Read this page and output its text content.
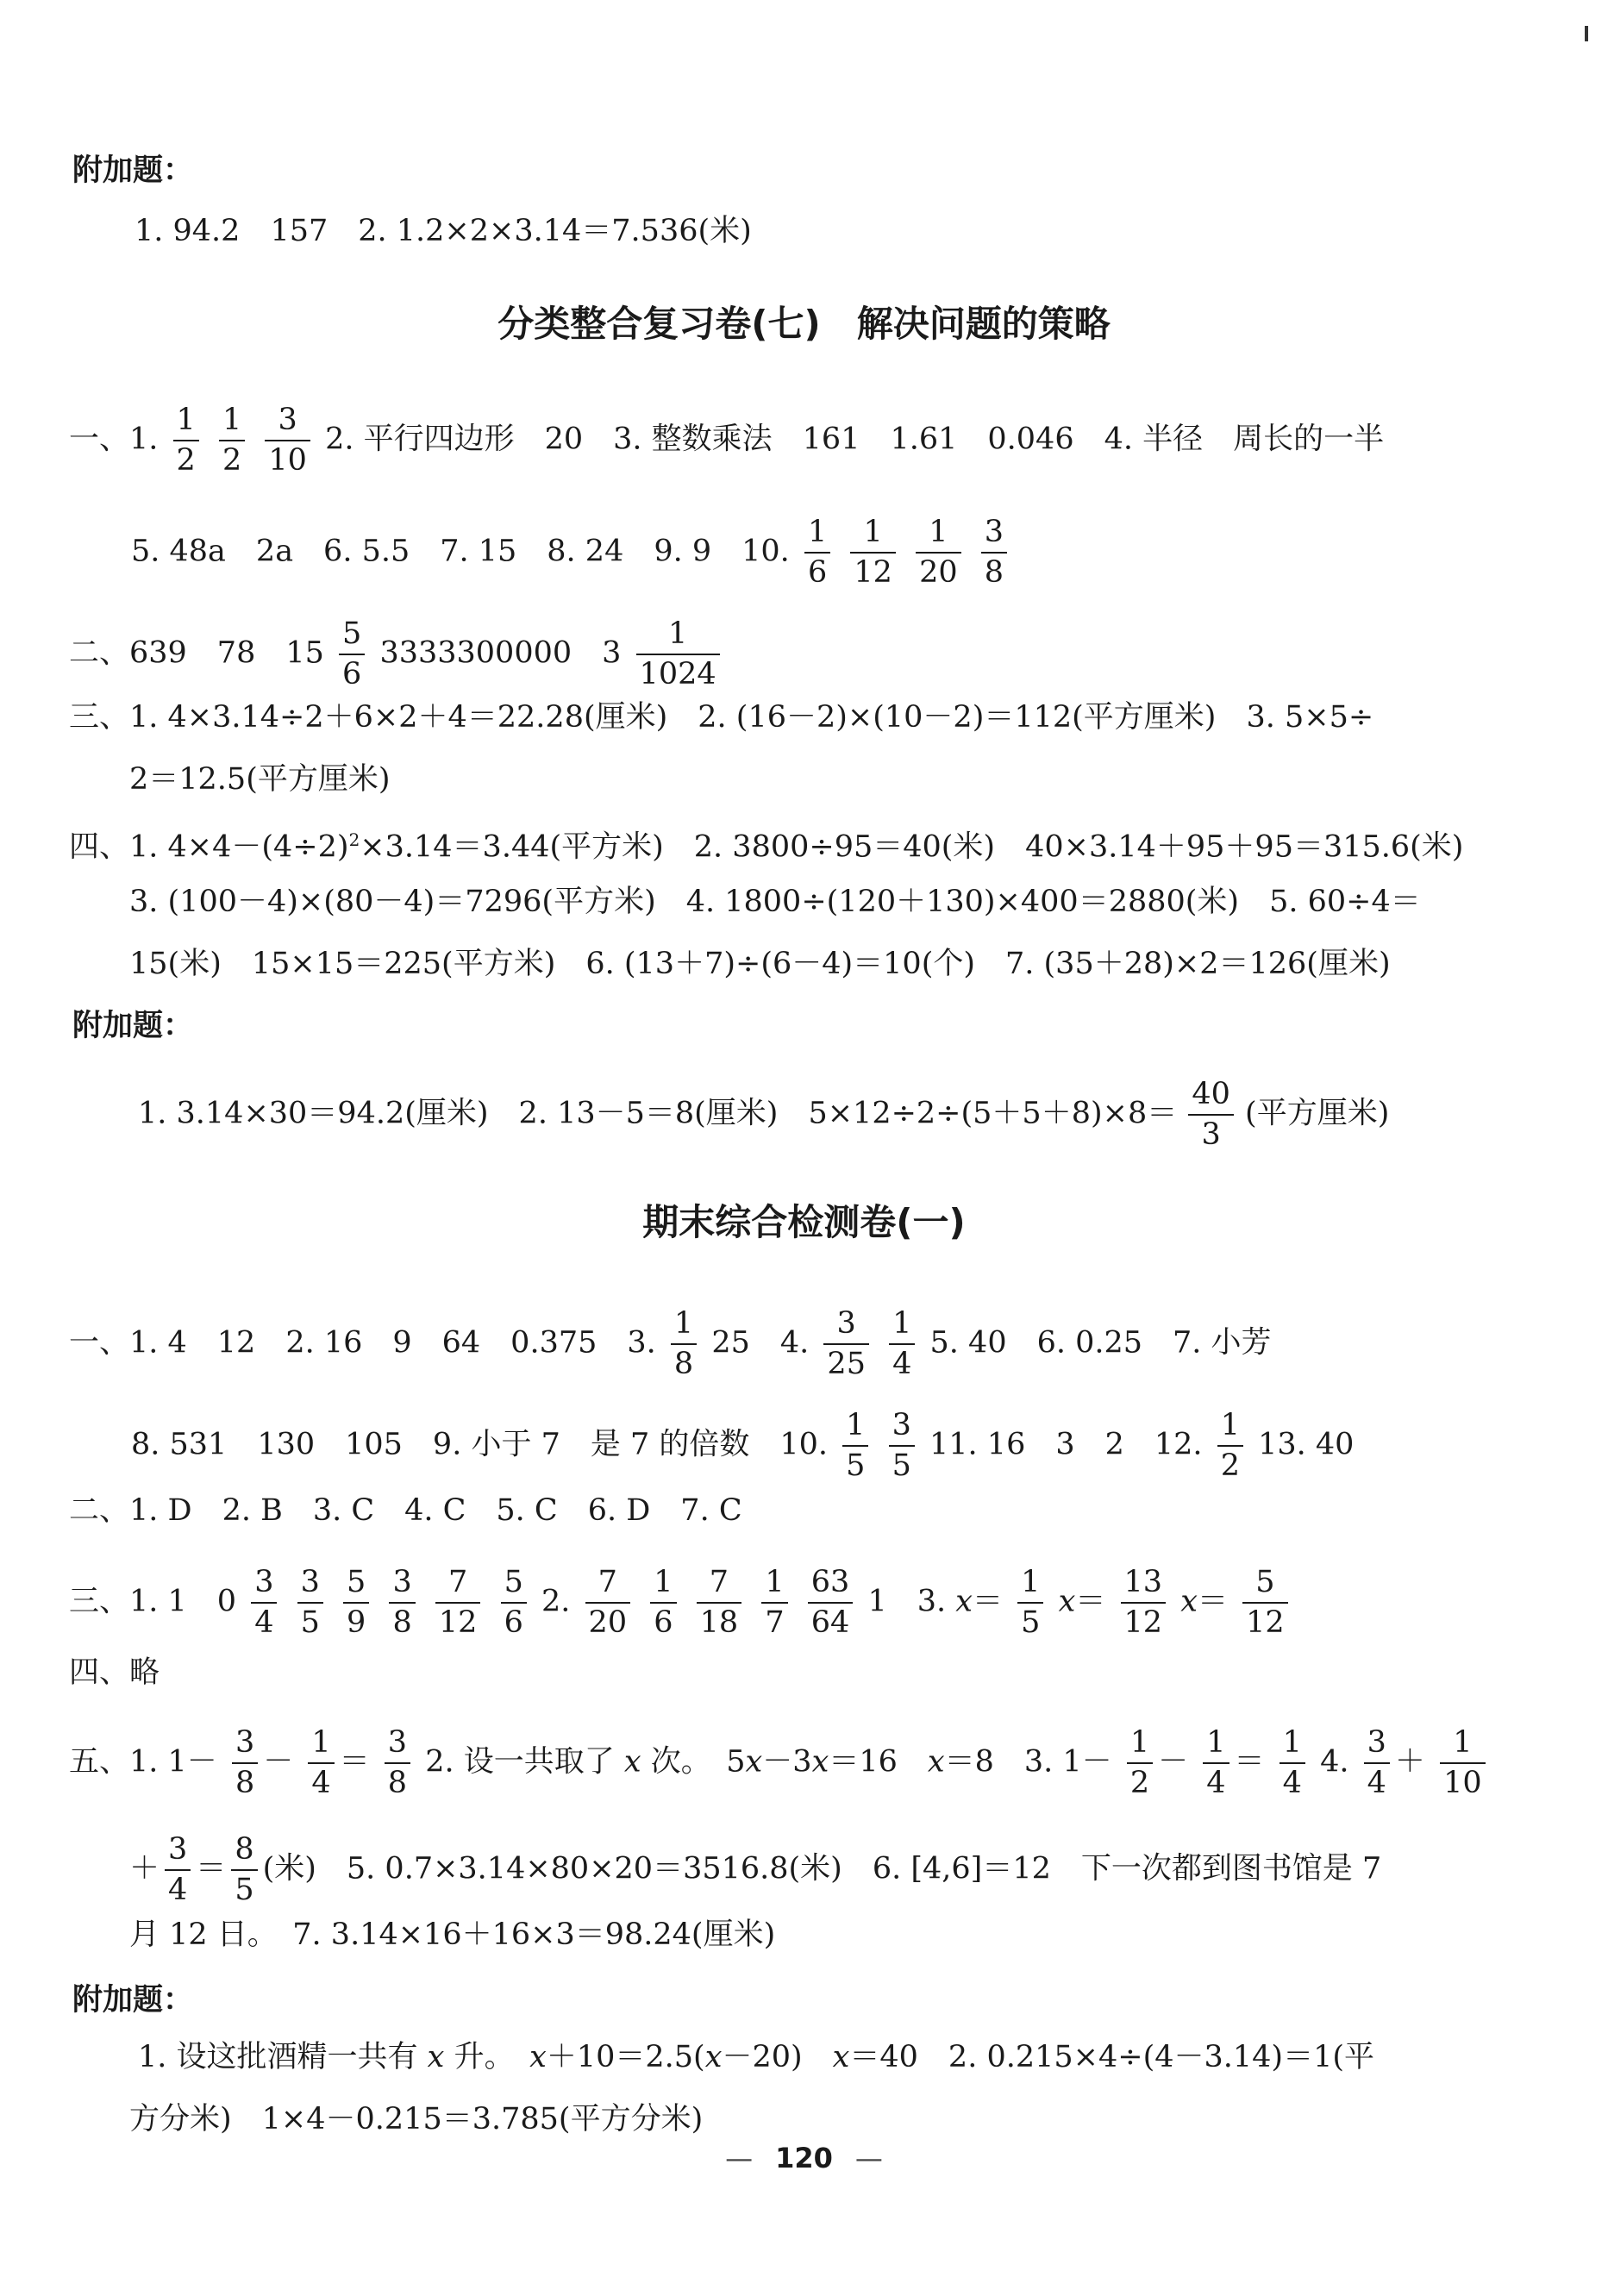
附加题：
1. 94.2　157　2. 1.2×2×3.14＝7.536(米)
分类整合复习卷(七)　解决问题的策略
一、1. $\frac{1}{2}$
$\frac{1}{2}$
$\frac{3}{10} 2$. 平行四边形　20　3. 整数乘法　161　1.61　0.046　4. 半径　周长的一半
5. 48a　2a　6. 5.5　7. 15　8. 24　9. 9　10. $\frac{1}{6}$
$\frac{1}{12}$
$\frac{1}{20}$
$\frac{3}{8}$
二、639　78　$15 \frac{5}{6} 3333300000$　$3 \frac{1}{1024}$
三、1. 4×3.14÷2＋6×2＋4＝22.28(厘米)　2. (16－2)×(10－2)＝112(平方厘米)　3. 5×5÷
2＝12.5(平方厘米)
四、1. $4\times 4-(4\div 2)^2\times 3.14=3.44$(平方米)　2. 3800÷95＝40(米)　40×3.14＋95＋95＝315.6(米)
3. (100－4)×(80－4)＝7296(平方米)　4. 1800÷(120＋130)×400＝2880(米)　5. 60÷4＝
15(米)　15×15＝225(平方米)　6. (13＋7)÷(6－4)＝10(个)　7. (35＋28)×2＝126(厘米)
附加题：
1. 3.14×30＝94.2(厘米)　2. 13－5＝8(厘米)　$5\times 12\div 2\div(5+5+8)\times 8= \frac{40}{3}$ (平方厘米)
期末综合检测卷(一)
一、1. 4　12　2. 16　9　64　0.375　3. $\frac{1}{8} 25$　4. $\frac{3}{25}$
$\frac{1}{4} 5$. 40　6. 0.25　7. 小芳
8. 531　130　105　9. 小于 7　是 7 的倍数　10. $\frac{1}{5}$
$\frac{3}{5} 11$. 16　3　2　12. $\frac{1}{2} 13$. 40
二、1. D　2. B　3. C　4. C　5. C　6. D　7. C
三、1. 1　$0 \frac{3}{4}$
$\frac{3}{5}$
$\frac{5}{9}$
$\frac{3}{8}$
$\frac{7}{12}$
$\frac{5}{6} 2$. $\frac{7}{20}$
$\frac{1}{6}$
$\frac{7}{18}$
$\frac{1}{7}$
$\frac{63}{64} 1$　3. $x= \frac{1}{5} x= \frac{13}{12} x= \frac{5}{12}$
四、略
五、1. $1- \frac{3}{8} - \frac{1}{4} = \frac{3}{8} 2$. 设一共取了 x 次。　5x－3x＝16　x＝8　3. $1- \frac{1}{2} - \frac{1}{4} = \frac{1}{4} 4$. $\frac{3}{4} + \frac{1}{10}$
＋ $\frac{3}{4} = \frac{8}{5}$ (米)　5. 0.7×3.14×80×20＝3516.8(米)　6. [4,6]＝12　下一次都到图书馆是 7
月 12 日。　7. 3.14×16＋16×3＝98.24(厘米)
附加题：
1. 设这批酒精一共有 x 升。　x＋10＝2.5(x－20)　x＝40　2. 0.215×4÷(4－3.14)＝1(平
方分米)　1×4－0.215＝3.785(平方分米)
— 120 —
